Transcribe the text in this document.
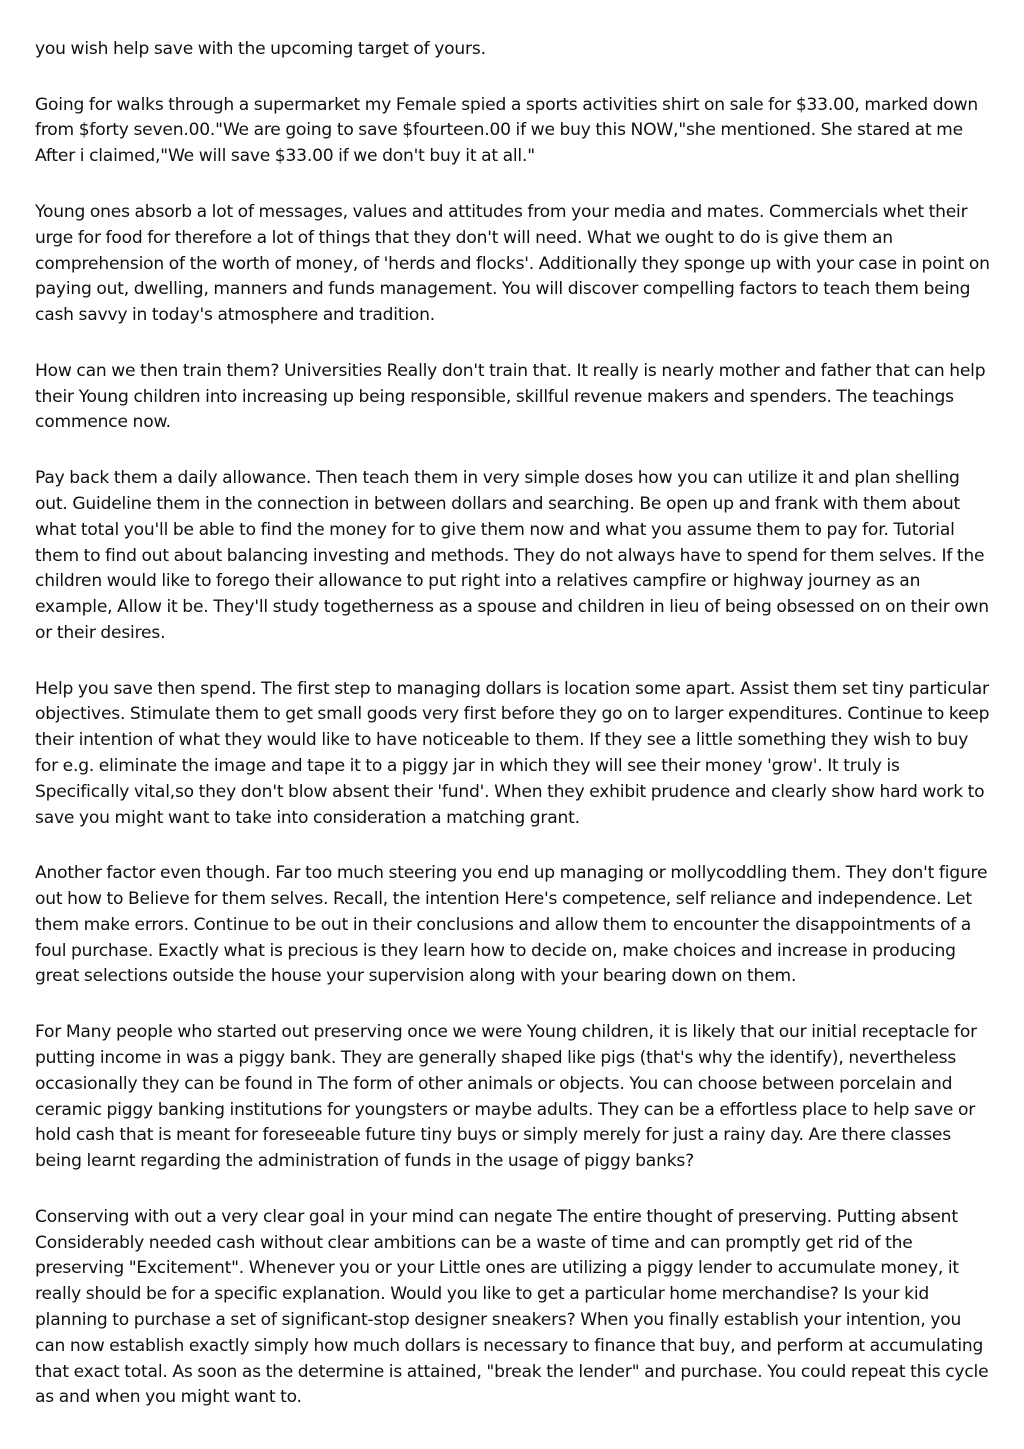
you wish help save with the upcoming target of yours.

Going for walks through a supermarket my Female spied a sports activities shirt on sale for $33.00, marked down from $forty seven.00."We are going to save $fourteen.00 if we buy this NOW,"she mentioned. She stared at me After i claimed,"We will save $33.00 if we don't buy it at all."

Young ones absorb a lot of messages, values and attitudes from your media and mates. Commercials whet their urge for food for therefore a lot of things that they don't will need. What we ought to do is give them an comprehension of the worth of money, of 'herds and flocks'. Additionally they sponge up with your case in point on paying out, dwelling, manners and funds management. You will discover compelling factors to teach them being cash savvy in today's atmosphere and tradition.

How can we then train them? Universities Really don't train that. It really is nearly mother and father that can help their Young children into increasing up being responsible, skillful revenue makers and spenders. The teachings commence now.

Pay back them a daily allowance. Then teach them in very simple doses how you can utilize it and plan shelling out. Guideline them in the connection in between dollars and searching. Be open up and frank with them about what total you'll be able to find the money for to give them now and what you assume them to pay for. Tutorial them to find out about balancing investing and methods. They do not always have to spend for them selves. If the children would like to forego their allowance to put right into a relatives campfire or highway journey as an example, Allow it be. They'll study togetherness as a spouse and children in lieu of being obsessed on on their own or their desires.

Help you save then spend. The first step to managing dollars is location some apart. Assist them set tiny particular objectives. Stimulate them to get small goods very first before they go on to larger expenditures. Continue to keep their intention of what they would like to have noticeable to them. If they see a little something they wish to buy for e.g. eliminate the image and tape it to a piggy jar in which they will see their money 'grow'. It truly is Specifically vital,so they don't blow absent their 'fund'. When they exhibit prudence and clearly show hard work to save you might want to take into consideration a matching grant.

Another factor even though. Far too much steering you end up managing or mollycoddling them. They don't figure out how to Believe for them selves. Recall, the intention Here's competence, self reliance and independence. Let them make errors. Continue to be out in their conclusions and allow them to encounter the disappointments of a foul purchase. Exactly what is precious is they learn how to decide on, make choices and increase in producing great selections outside the house your supervision along with your bearing down on them.

For Many people who started out preserving once we were Young children, it is likely that our initial receptacle for putting income in was a piggy bank. They are generally shaped like pigs (that's why the identify), nevertheless occasionally they can be found in The form of other animals or objects. You can choose between porcelain and ceramic piggy banking institutions for youngsters or maybe adults. They can be a effortless place to help save or hold cash that is meant for foreseeable future tiny buys or simply merely for just a rainy day. Are there classes being learnt regarding the administration of funds in the usage of piggy banks?

Conserving with out a very clear goal in your mind can negate The entire thought of preserving. Putting absent Considerably needed cash without clear ambitions can be a waste of time and can promptly get rid of the preserving "Excitement". Whenever you or your Little ones are utilizing a piggy lender to accumulate money, it really should be for a specific explanation. Would you like to get a particular home merchandise? Is your kid planning to purchase a set of significant-stop designer sneakers? When you finally establish your intention, you can now establish exactly simply how much dollars is necessary to finance that buy, and perform at accumulating that exact total. As soon as the determine is attained, "break the lender" and purchase. You could repeat this cycle as and when you might want to.
